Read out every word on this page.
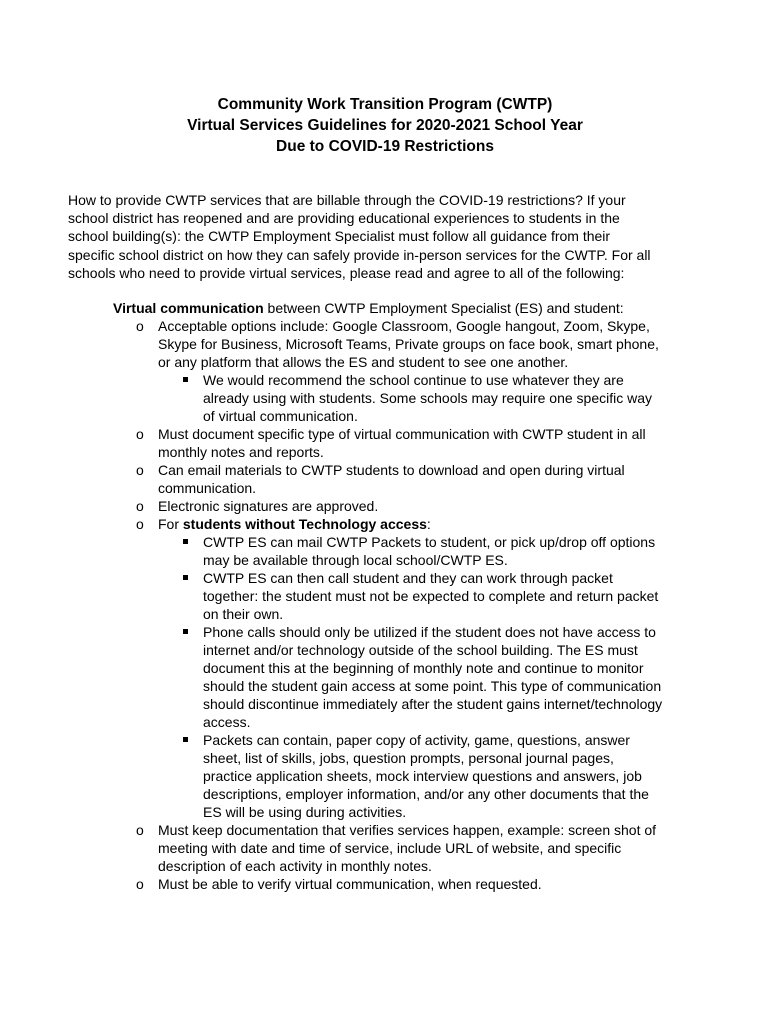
Community Work Transition Program (CWTP)
Virtual Services Guidelines for 2020-2021 School Year
Due to COVID-19 Restrictions
How to provide CWTP services that are billable through the COVID-19 restrictions? If your
school district has reopened and are providing educational experiences to students in the
school building(s): the CWTP Employment Specialist must follow all guidance from their
specific school district on how they can safely provide in-person services for the CWTP. For all
schools who need to provide virtual services, please read and agree to all of the following:
Virtual communication between CWTP Employment Specialist (ES) and student:
o Acceptable options include: Google Classroom, Google hangout, Zoom, Skype,
Skype for Business, Microsoft Teams, Private groups on face book, smart phone,
or any platform that allows the ES and student to see one another.
We would recommend the school continue to use whatever they are
already using with students. Some schools may require one specific way
of virtual communication.
o Must document specific type of virtual communication with CWTP student in all
monthly notes and reports.
o Can email materials to CWTP students to download and open during virtual
communication.
o Electronic signatures are approved.
o For students without Technology access:
CWTP ES can mail CWTP Packets to student, or pick up/drop off options
may be available through local school/CWTP ES.
CWTP ES can then call student and they can work through packet
together: the student must not be expected to complete and return packet
on their own.
Phone calls should only be utilized if the student does not have access to
internet and/or technology outside of the school building. The ES must
document this at the beginning of monthly note and continue to monitor
should the student gain access at some point. This type of communication
should discontinue immediately after the student gains internet/technology
access.
Packets can contain, paper copy of activity, game, questions, answer
sheet, list of skills, jobs, question prompts, personal journal pages,
practice application sheets, mock interview questions and answers, job
descriptions, employer information, and/or any other documents that the
ES will be using during activities.
o Must keep documentation that verifies services happen, example: screen shot of
meeting with date and time of service, include URL of website, and specific
description of each activity in monthly notes.
o Must be able to verify virtual communication, when requested.
